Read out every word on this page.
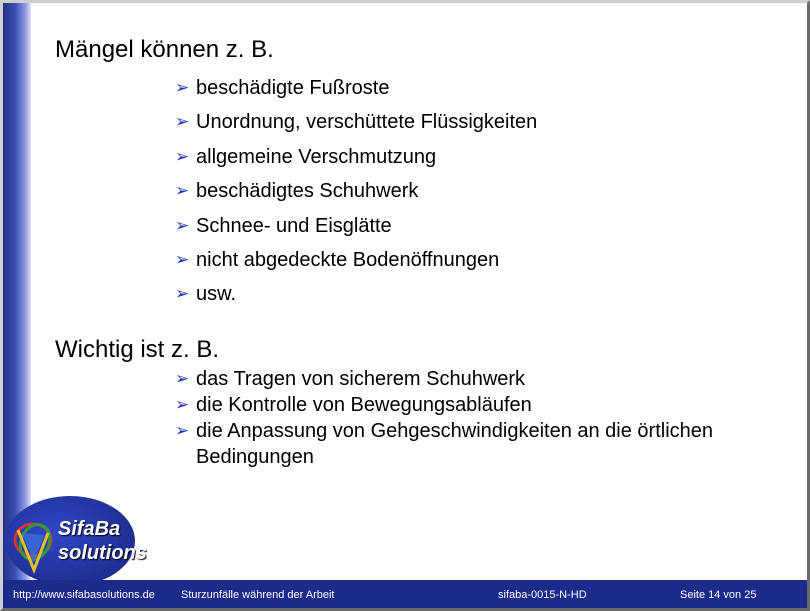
SifaBa
solutions
Mängel können z. B.
➢ beschädigte Fußroste
➢ Unordnung, verschüttete Flüssigkeiten
➢ allgemeine Verschmutzung
➢ beschädigtes Schuhwerk
➢ Schnee- und Eisglätte
➢ nicht abgedeckte Bodenöffnungen
➢ usw.
Wichtig ist z. B.
➢ das Tragen von sicherem Schuhwerk
➢ die Kontrolle von Bewegungsabläufen
➢ die Anpassung von Gehgeschwindigkeiten an die örtlichen
Bedingungen
http://www.sifabasolutions.de Sturzunfälle während der Arbeit	sifaba-0015-N-HD	Seite 14 von 25
